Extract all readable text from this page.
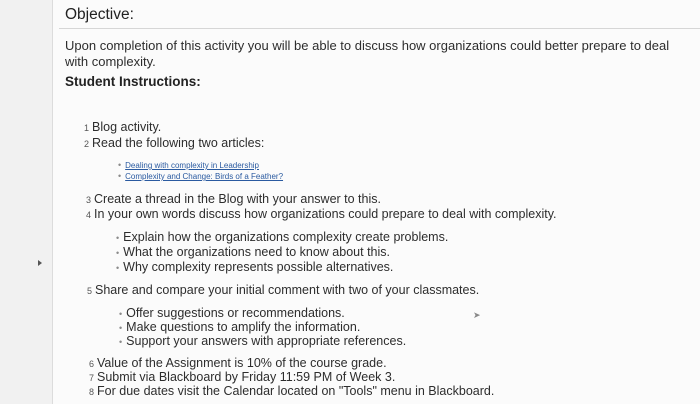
Objective:
Upon completion of this activity you will be able to discuss how organizations could better prepare to deal with complexity.
Student Instructions:
1 Blog activity.
2 Read the following two articles:
• Dealing with complexity in Leadership
• Complexity and Change: Birds of a Feather?
3 Create a thread in the Blog with your answer to this.
4 In your own words discuss how organizations could prepare to deal with complexity.
• Explain how the organizations complexity create problems.
• What the organizations need to know about this.
• Why complexity represents possible alternatives.
5 Share and compare your initial comment with two of your classmates.
• Offer suggestions or recommendations.
• Make questions to amplify the information.
• Support your answers with appropriate references.
6 Value of the Assignment is 10% of the course grade.
7 Submit via Blackboard by Friday 11:59 PM of Week 3.
8 For due dates visit the Calendar located on "Tools" menu in Blackboard.
➤
